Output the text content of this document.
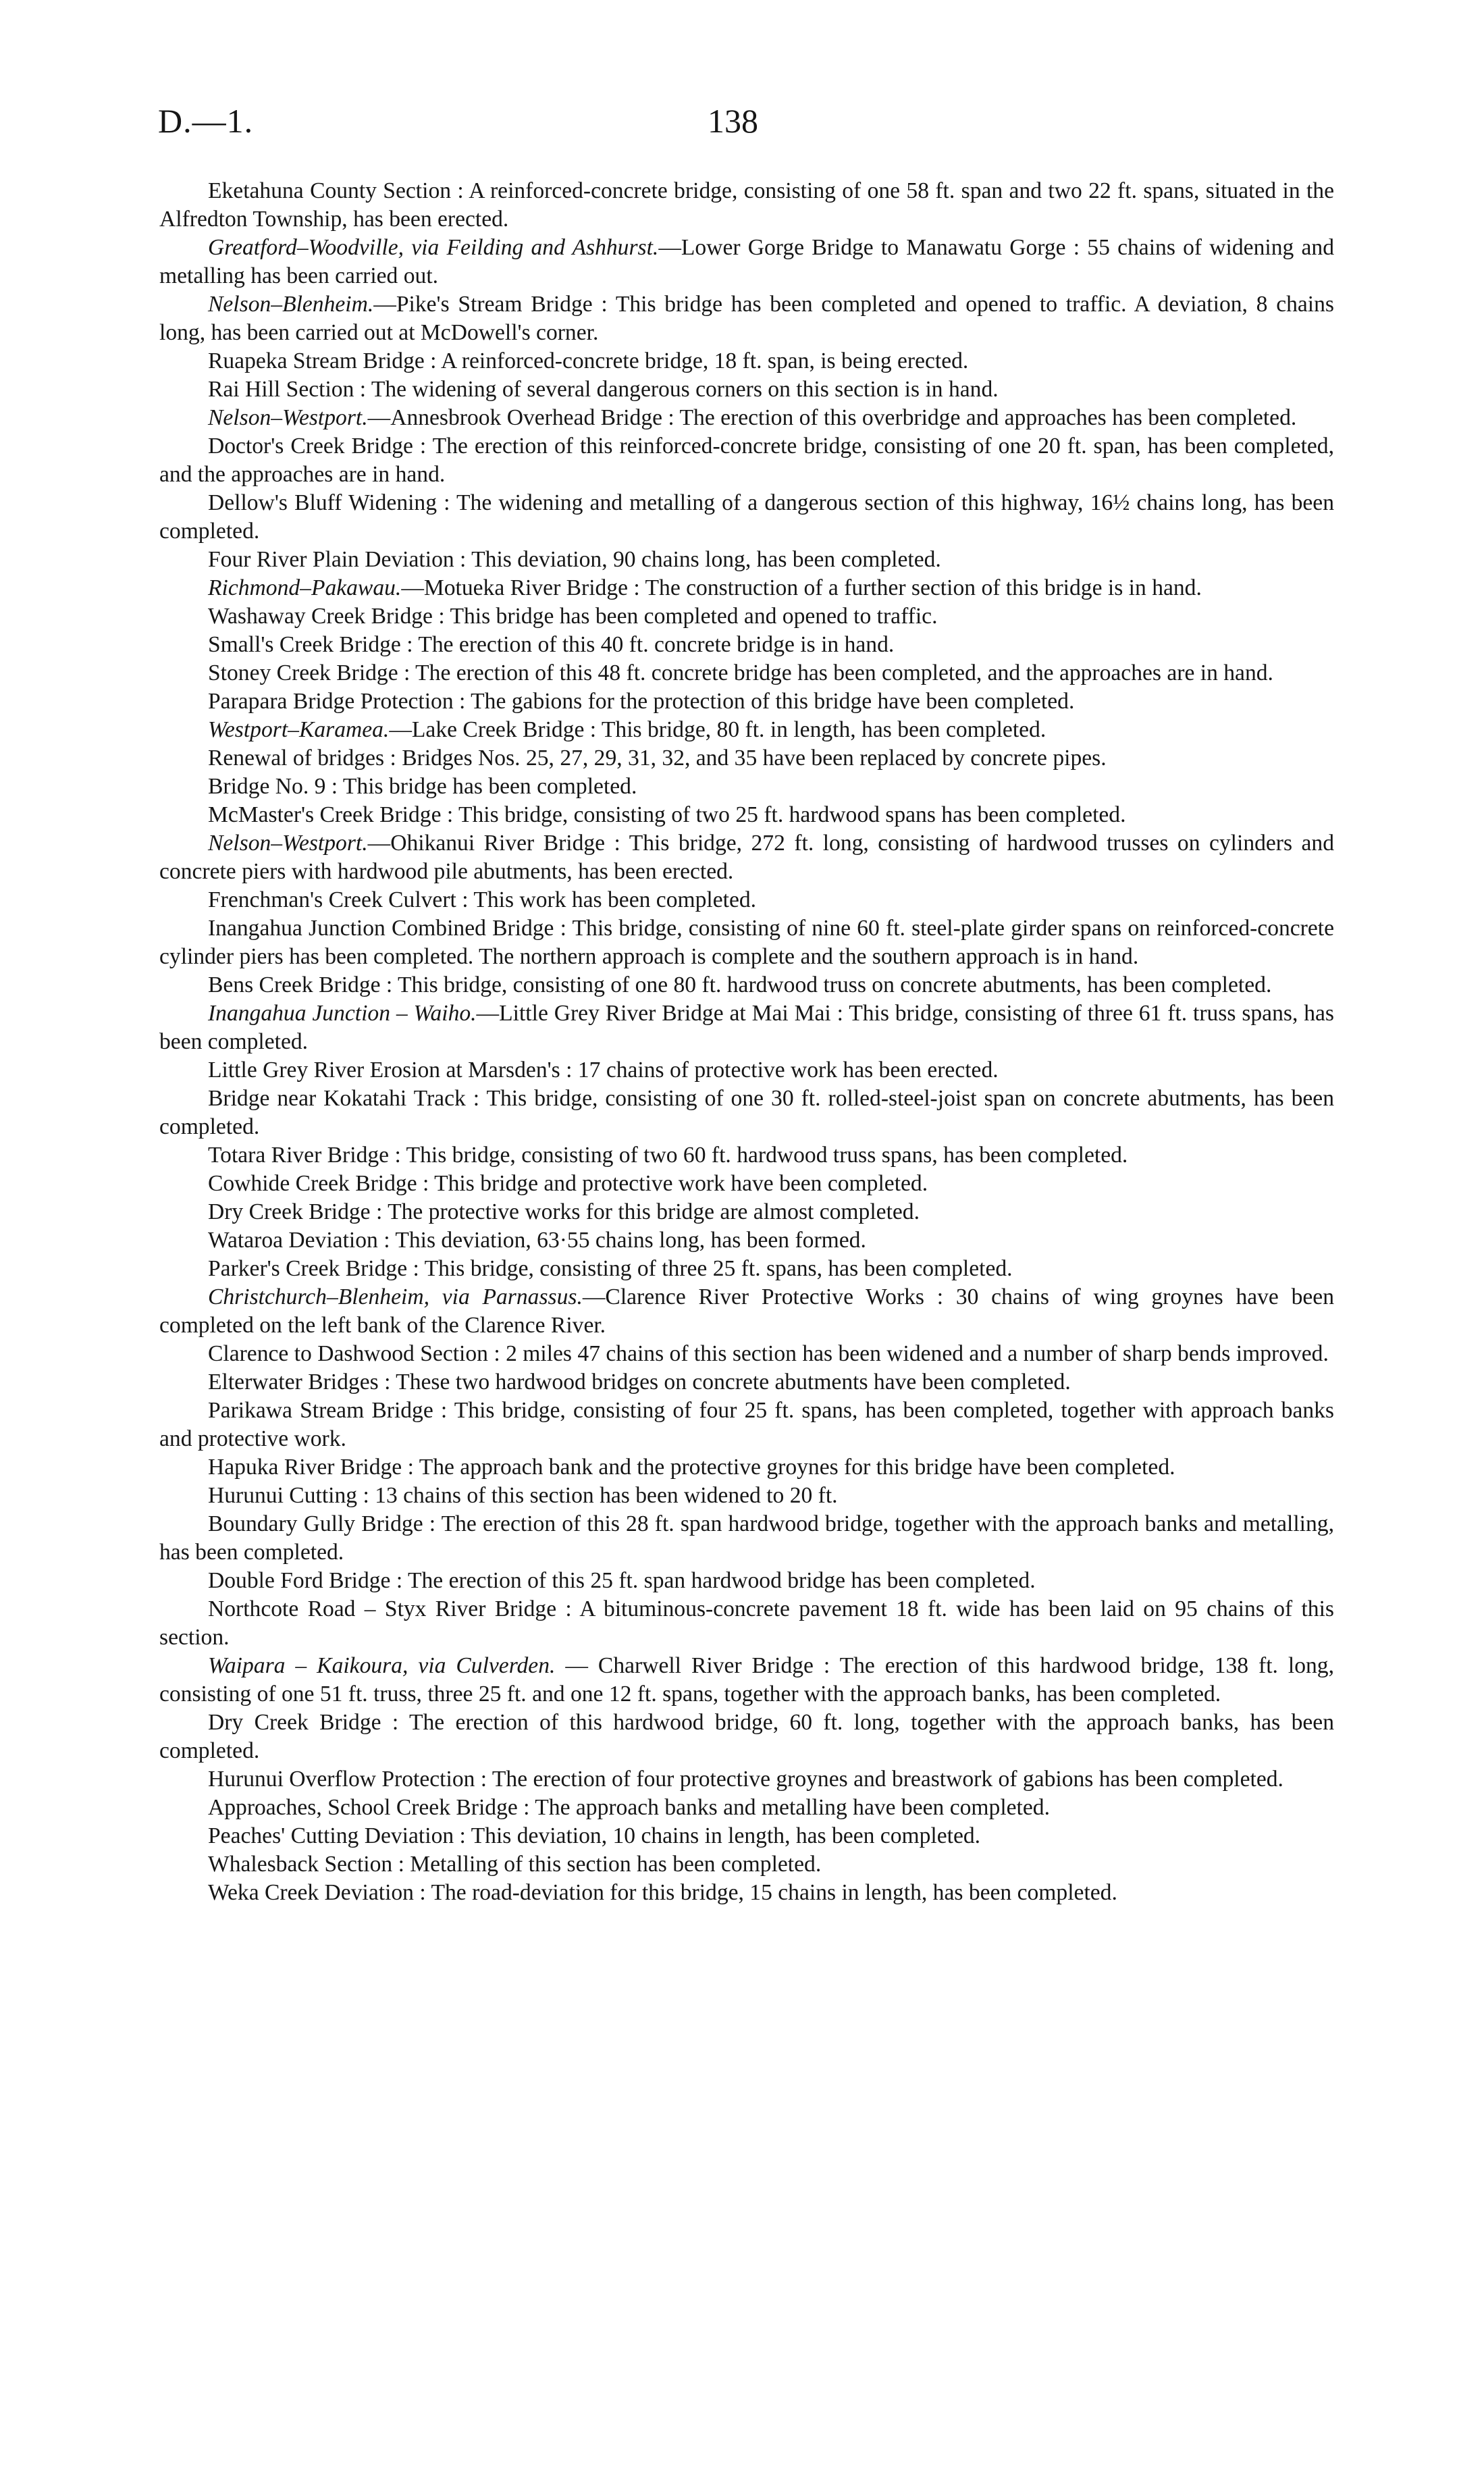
D.—1.	138

Eketahuna County Section : A reinforced-concrete bridge, consisting of one 58 ft. span and two 22 ft. spans, situated in the Alfredton Township, has been erected.

Greatford–Woodville, via Feilding and Ashhurst.—Lower Gorge Bridge to Manawatu Gorge : 55 chains of widening and metalling has been carried out.

Nelson–Blenheim.—Pike's Stream Bridge : This bridge has been completed and opened to traffic. A deviation, 8 chains long, has been carried out at McDowell's corner.

Ruapeka Stream Bridge : A reinforced-concrete bridge, 18 ft. span, is being erected.

Rai Hill Section : The widening of several dangerous corners on this section is in hand.

Nelson–Westport.—Annesbrook Overhead Bridge : The erection of this overbridge and approaches has been completed.

Doctor's Creek Bridge : The erection of this reinforced-concrete bridge, consisting of one 20 ft. span, has been completed, and the approaches are in hand.

Dellow's Bluff Widening : The widening and metalling of a dangerous section of this highway, 16½ chains long, has been completed.

Four River Plain Deviation : This deviation, 90 chains long, has been completed.

Richmond–Pakawau.—Motueka River Bridge : The construction of a further section of this bridge is in hand.

Washaway Creek Bridge : This bridge has been completed and opened to traffic.

Small's Creek Bridge : The erection of this 40 ft. concrete bridge is in hand.

Stoney Creek Bridge : The erection of this 48 ft. concrete bridge has been completed, and the approaches are in hand.

Parapara Bridge Protection : The gabions for the protection of this bridge have been completed.

Westport–Karamea.—Lake Creek Bridge : This bridge, 80 ft. in length, has been completed.

Renewal of bridges : Bridges Nos. 25, 27, 29, 31, 32, and 35 have been replaced by concrete pipes.

Bridge No. 9 : This bridge has been completed.

McMaster's Creek Bridge : This bridge, consisting of two 25 ft. hardwood spans has been completed.

Nelson–Westport.—Ohikanui River Bridge : This bridge, 272 ft. long, consisting of hardwood trusses on cylinders and concrete piers with hardwood pile abutments, has been erected.

Frenchman's Creek Culvert : This work has been completed.

Inangahua Junction Combined Bridge : This bridge, consisting of nine 60 ft. steel-plate girder spans on reinforced-concrete cylinder piers has been completed. The northern approach is complete and the southern approach is in hand.

Bens Creek Bridge : This bridge, consisting of one 80 ft. hardwood truss on concrete abutments, has been completed.

Inangahua Junction – Waiho.—Little Grey River Bridge at Mai Mai : This bridge, consisting of three 61 ft. truss spans, has been completed.

Little Grey River Erosion at Marsden's : 17 chains of protective work has been erected.

Bridge near Kokatahi Track : This bridge, consisting of one 30 ft. rolled-steel-joist span on concrete abutments, has been completed.

Totara River Bridge : This bridge, consisting of two 60 ft. hardwood truss spans, has been completed.

Cowhide Creek Bridge : This bridge and protective work have been completed.

Dry Creek Bridge : The protective works for this bridge are almost completed.

Wataroa Deviation : This deviation, 63·55 chains long, has been formed.

Parker's Creek Bridge : This bridge, consisting of three 25 ft. spans, has been completed.

Christchurch–Blenheim, via Parnassus.—Clarence River Protective Works : 30 chains of wing groynes have been completed on the left bank of the Clarence River.

Clarence to Dashwood Section : 2 miles 47 chains of this section has been widened and a number of sharp bends improved.

Elterwater Bridges : These two hardwood bridges on concrete abutments have been completed.

Parikawa Stream Bridge : This bridge, consisting of four 25 ft. spans, has been completed, together with approach banks and protective work.

Hapuka River Bridge : The approach bank and the protective groynes for this bridge have been completed.

Hurunui Cutting : 13 chains of this section has been widened to 20 ft.

Boundary Gully Bridge : The erection of this 28 ft. span hardwood bridge, together with the approach banks and metalling, has been completed.

Double Ford Bridge : The erection of this 25 ft. span hardwood bridge has been completed.

Northcote Road – Styx River Bridge : A bituminous-concrete pavement 18 ft. wide has been laid on 95 chains of this section.

Waipara – Kaikoura, via Culverden. — Charwell River Bridge : The erection of this hardwood bridge, 138 ft. long, consisting of one 51 ft. truss, three 25 ft. and one 12 ft. spans, together with the approach banks, has been completed.

Dry Creek Bridge : The erection of this hardwood bridge, 60 ft. long, together with the approach banks, has been completed.

Hurunui Overflow Protection : The erection of four protective groynes and breastwork of gabions has been completed.

Approaches, School Creek Bridge : The approach banks and metalling have been completed.

Peaches' Cutting Deviation : This deviation, 10 chains in length, has been completed.

Whalesback Section : Metalling of this section has been completed.

Weka Creek Deviation : The road-deviation for this bridge, 15 chains in length, has been completed.
